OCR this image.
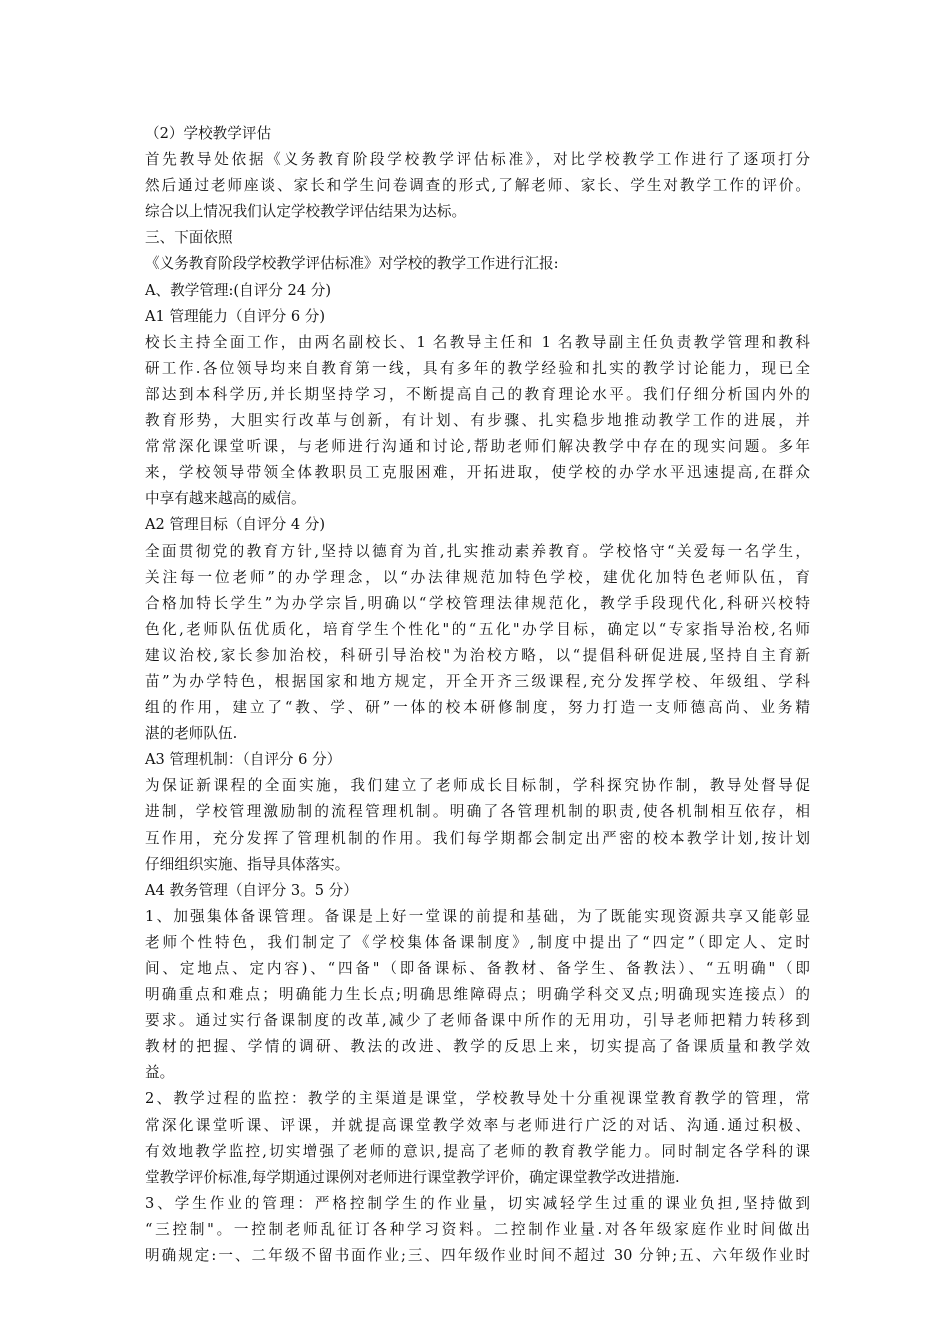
（2）学校教学评估
首先教导处依据《义务教育阶段学校教学评估标准》，对比学校教学工作进行了逐项打分
然后通过老师座谈、家长和学生问卷调查的形式,了解老师、家长、学生对教学工作的评价。
综合以上情况我们认定学校教学评估结果为达标。
三、下面依照
《义务教育阶段学校教学评估标准》对学校的教学工作进行汇报:
A、教学管理:(自评分 24 分)
A1 管理能力（自评分 6 分)
校长主持全面工作，由两名副校长、1 名教导主任和 1 名教导副主任负责教学管理和教科
研工作.各位领导均来自教育第一线，具有多年的教学经验和扎实的教学讨论能力，现已全
部达到本科学历,并长期坚持学习，不断提高自己的教育理论水平。我们仔细分析国内外的
教育形势，大胆实行改革与创新，有计划、有步骤、扎实稳步地推动教学工作的进展，并
常常深化课堂听课，与老师进行沟通和讨论,帮助老师们解决教学中存在的现实问题。多年
来，学校领导带领全体教职员工克服困难，开拓进取，使学校的办学水平迅速提高,在群众
中享有越来越高的威信。
A2 管理目标（自评分 4 分)
全面贯彻党的教育方针,坚持以德育为首,扎实推动素养教育。学校恪守“关爱每一名学生，
关注每一位老师”的办学理念，以“办法律规范加特色学校，建优化加特色老师队伍，育
合格加特长学生”为办学宗旨,明确以“学校管理法律规范化，教学手段现代化,科研兴校特
色化,老师队伍优质化，培育学生个性化"的“五化"办学目标，确定以“专家指导治校,名师
建议治校,家长参加治校，科研引导治校"为治校方略，以“提倡科研促进展,坚持自主育新
苗”为办学特色，根据国家和地方规定，开全开齐三级课程,充分发挥学校、年级组、学科
组的作用，建立了“教、学、研”一体的校本研修制度，努力打造一支师德高尚、业务精
湛的老师队伍.
A3 管理机制：（自评分 6 分）
为保证新课程的全面实施，我们建立了老师成长目标制，学科探究协作制，教导处督导促
进制，学校管理激励制的流程管理机制。明确了各管理机制的职责,使各机制相互依存，相
互作用，充分发挥了管理机制的作用。我们每学期都会制定出严密的校本教学计划,按计划
仔细组织实施、指导具体落实。
A4 教务管理（自评分 3。5 分）
1、加强集体备课管理。备课是上好一堂课的前提和基础，为了既能实现资源共享又能彰显
老师个性特色，我们制定了《学校集体备课制度》,制度中提出了“四定”（即定人、定时
间、定地点、定内容)、“四备"（即备课标、备教材、备学生、备教法）、“五明确"（即
明确重点和难点；明确能力生长点;明确思维障碍点；明确学科交叉点;明确现实连接点）的
要求。通过实行备课制度的改革,减少了老师备课中所作的无用功，引导老师把精力转移到
教材的把握、学情的调研、教法的改进、教学的反思上来，切实提高了备课质量和教学效
益。
2、教学过程的监控：教学的主渠道是课堂，学校教导处十分重视课堂教育教学的管理，常
常深化课堂听课、评课，并就提高课堂教学效率与老师进行广泛的对话、沟通.通过积极、
有效地教学监控,切实增强了老师的意识,提高了老师的教育教学能力。同时制定各学科的课
堂教学评价标准,每学期通过课例对老师进行课堂教学评价，确定课堂教学改进措施.
3、学生作业的管理：严格控制学生的作业量，切实减轻学生过重的课业负担,坚持做到
“三控制"。一控制老师乱征订各种学习资料。二控制作业量.对各年级家庭作业时间做出
明确规定:一、二年级不留书面作业;三、四年级作业时间不超过 30 分钟;五、六年级作业时
